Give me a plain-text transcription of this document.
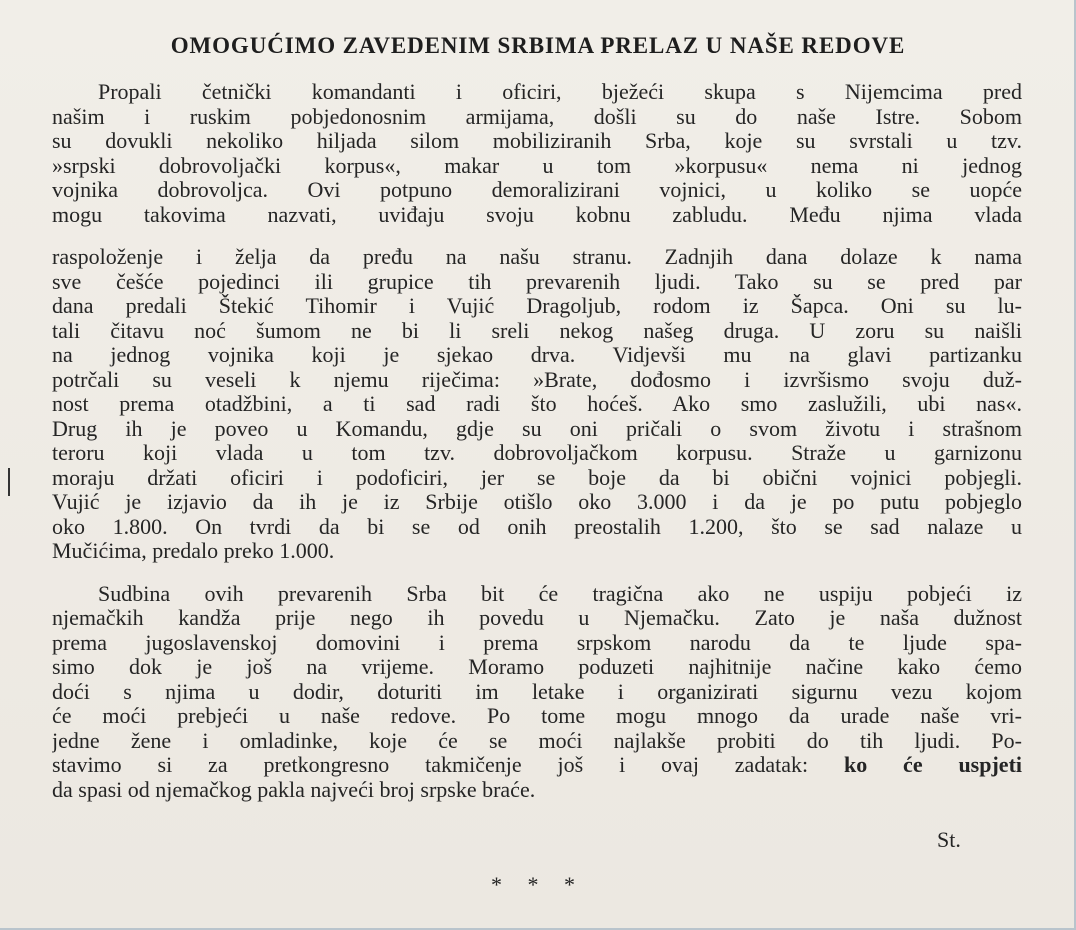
OMOGUĆIMO ZAVEDENIM SRBIMA PRELAZ U NAŠE REDOVE
Propali četnički komandanti i oficiri, bježeći skupa s Nijemcima pred
našim i ruskim pobjedonosnim armijama, došli su do naše Istre. Sobom
su dovukli nekoliko hiljada silom mobiliziranih Srba, koje su svrstali u tzv.
»srpski dobrovoljački korpus«, makar u tom »korpusu« nema ni jednog
vojnika dobrovoljca. Ovi potpuno demoralizirani vojnici, u koliko se uopće
mogu takovima nazvati, uviđaju svoju kobnu zabludu. Među njima vlada
raspoloženje i želja da pređu na našu stranu. Zadnjih dana dolaze k nama
sve češće pojedinci ili grupice tih prevarenih ljudi. Tako su se pred par
dana predali Štekić Tihomir i Vujić Dragoljub, rodom iz Šapca. Oni su lu-
tali čitavu noć šumom ne bi li sreli nekog našeg druga. U zoru su naišli
na jednog vojnika koji je sjekao drva. Vidjevši mu na glavi partizanku
potrčali su veseli k njemu riječima: »Brate, dođosmo i izvršismo svoju duž-
nost prema otadžbini, a ti sad radi što hoćeš. Ako smo zaslužili, ubi nas«.
Drug ih je poveo u Komandu, gdje su oni pričali o svom životu i strašnom
teroru koji vlada u tom tzv. dobrovoljačkom korpusu. Straže u garnizonu
moraju držati oficiri i podoficiri, jer se boje da bi obični vojnici pobjegli.
Vujić je izjavio da ih je iz Srbije otišlo oko 3.000 i da je po putu pobjeglo
oko 1.800. On tvrdi da bi se od onih preostalih 1.200, što se sad nalaze u
Mučićima, predalo preko 1.000.
Sudbina ovih prevarenih Srba bit će tragična ako ne uspiju pobjeći iz
njemačkih kandža prije nego ih povedu u Njemačku. Zato je naša dužnost
prema jugoslavenskoj domovini i prema srpskom narodu da te ljude spa-
simo dok je još na vrijeme. Moramo poduzeti najhitnije načine kako ćemo
doći s njima u dodir, doturiti im letake i organizirati sigurnu vezu kojom
će moći prebjeći u naše redove. Po tome mogu mnogo da urade naše vri-
jedne žene i omladinke, koje će se moći najlakše probiti do tih ljudi. Po-
stavimo si za pretkongresno takmičenje još i ovaj zadatak: ko će uspjeti
da spasi od njemačkog pakla najveći broj srpske braće.
St.
* * *
